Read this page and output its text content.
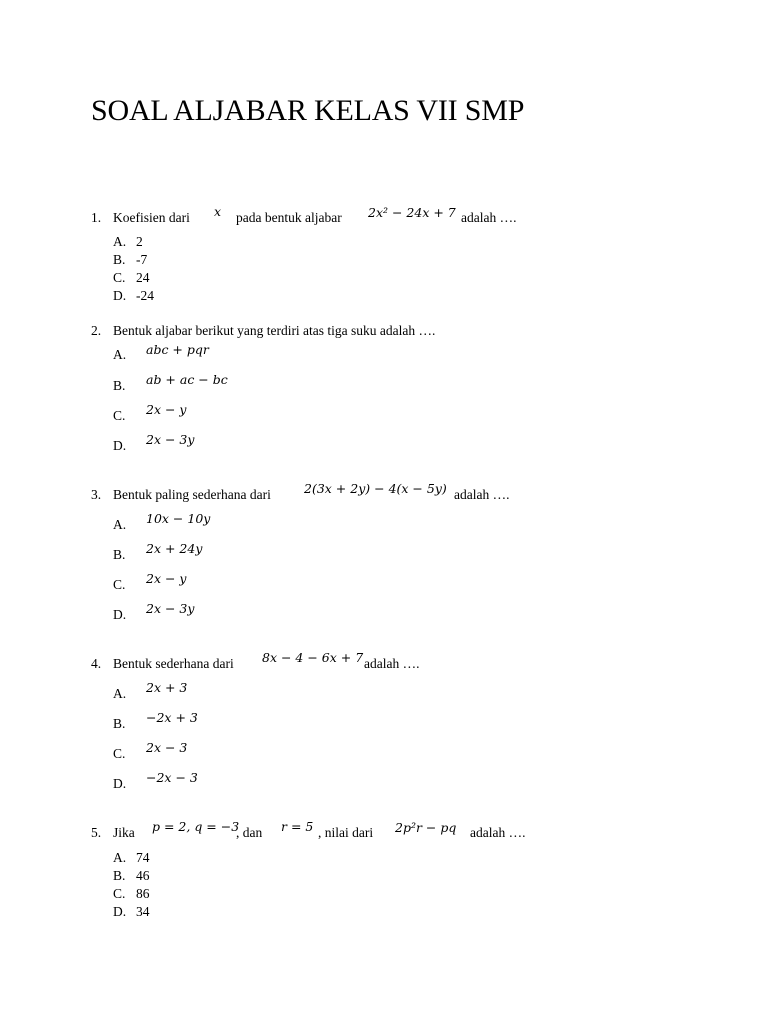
SOAL ALJABAR KELAS VII SMP
1. Koefisien dari x pada bentuk aljabar 2x² − 24x + 7 adalah ….
A. 2
B. -7
C. 24
D. -24
2. Bentuk aljabar berikut yang terdiri atas tiga suku adalah ….
A. abc + pqr
B. ab + ac − bc
C. 2x − y
D. 2x − 3y
3. Bentuk paling sederhana dari	2(3x + 2y) − 4(x − 5y) adalah ….
A. 10x − 10y
B. 2x + 24y
C. 2x − y
D. 2x − 3y
4. Bentuk sederhana dari 8x − 4 − 6x + 7 adalah ….
A. 2x + 3
B. −2x + 3
C. 2x − 3
D. −2x − 3
5. Jika p = 2, q = −3
, dan r = 5 , nilai dari 2p²r − pq adalah ….
A. 74
B. 46
C. 86
D. 34
